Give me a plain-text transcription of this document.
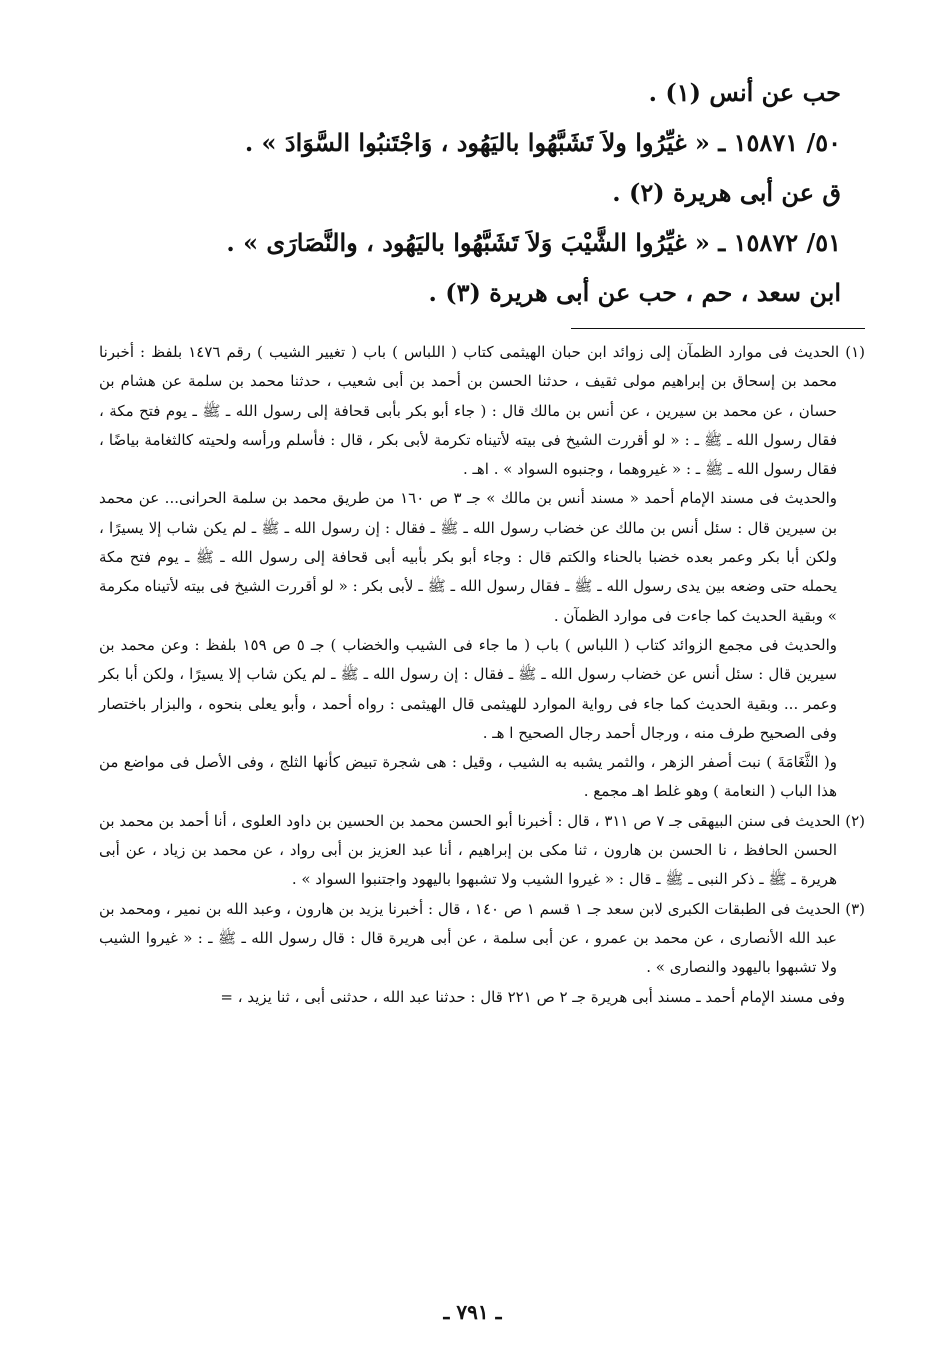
حب عن أنس (١) .
٥٠/ ١٥٨٧١ ـ « غيِّرُوا ولاَ تَشَبَّهُوا باليَهُود ، وَاجْتَنبُوا السَّوَادَ » .
ق عن أبى هريرة (٢) .
٥١/ ١٥٨٧٢ ـ « غيِّرُوا الشَّيْبَ وَلاَ تَشَبَّهُوا باليَهُود ، والنَّصَارَى » .
ابن سعد ، حم ، حب عن أبى هريرة (٣) .

(١) الحديث فى موارد الظمآن إلى زوائد ابن حبان الهيثمى كتاب ( اللباس ) باب ( تغيير الشيب ) رقم ١٤٧٦ بلفظ : أخبرنا محمد بن إسحاق بن إبراهيم مولى ثقيف ، حدثنا الحسن بن أحمد بن أبى شعيب ، حدثنا محمد بن سلمة عن هشام بن حسان ، عن محمد بن سيرين ، عن أنس بن مالك قال : ( جاء أبو بكر بأبى قحافة إلى رسول الله ـ ﷺ ـ يوم فتح مكة ، فقال رسول الله ـ ﷺ ـ : « لو أقررت الشيخ فى بيته لأتيناه تكرمة لأبى بكر ، قال : فأسلم ورأسه ولحيته كالثغامة بياضًا ، فقال رسول الله ـ ﷺ ـ : « غيروهما ، وجنبوه السواد » . اهـ .

والحديث فى مسند الإمام أحمد « مسند أنس بن مالك » جـ ٣ ص ١٦٠ من طريق محمد بن سلمة الحرانى... عن محمد بن سيرين قال : سئل أنس بن مالك عن خضاب رسول الله ـ ﷺ ـ فقال : إن رسول الله ـ ﷺ ـ لم يكن شاب إلا يسيرًا ، ولكن أبا بكر وعمر بعده خضبا بالحناء والكتم قال : وجاء أبو بكر بأبيه أبى قحافة إلى رسول الله ـ ﷺ ـ يوم فتح مكة يحمله حتى وضعه بين يدى رسول الله ـ ﷺ ـ فقال رسول الله ـ ﷺ ـ لأبى بكر : « لو أقررت الشيخ فى بيته لأتيناه مكرمة » وبقية الحديث كما جاءت فى موارد الظمآن .

والحديث فى مجمع الزوائد كتاب ( اللباس ) باب ( ما جاء فى الشيب والخضاب ) جـ ٥ ص ١٥٩ بلفظ : وعن محمد بن سيرين قال : سئل أنس عن خضاب رسول الله ـ ﷺ ـ فقال : إن رسول الله ـ ﷺ ـ لم يكن شاب إلا يسيرًا ، ولكن أبا بكر وعمر ... وبقية الحديث كما جاء فى رواية الموارد للهيثمى قال الهيثمى : رواه أحمد ، وأبو يعلى بنحوه ، والبزار باختصار وفى الصحيح طرف منه ، ورجال أحمد رجال الصحيح ا هـ .

و( الثَّغَامَةَ ) نبت أصفر الزهر ، والثمر يشبه به الشيب ، وقيل : هى شجرة تبيض كأنها الثلج ، وفى الأصل فى مواضع من هذا الباب ( النعامة ) وهو غلط اهـ مجمع .

(٢) الحديث فى سنن البيهقى جـ ٧ ص ٣١١ ، قال : أخبرنا أبو الحسن محمد بن الحسين بن داود العلوى ، أنا أحمد بن محمد بن الحسن الحافظ ، نا الحسن بن هارون ، ثنا مكى بن إبراهيم ، أنا عبد العزيز بن أبى رواد ، عن محمد بن زياد ، عن أبى هريرة ـ ﷺ ـ ذكر النبى ـ ﷺ ـ قال : « غيروا الشيب ولا تشبهوا باليهود واجتنبوا السواد » .

(٣) الحديث فى الطبقات الكبرى لابن سعد جـ ١ قسم ١ ص ١٤٠ ، قال : أخبرنا يزيد بن هارون ، وعبد الله بن نمير ، ومحمد بن عبد الله الأنصارى ، عن محمد بن عمرو ، عن أبى سلمة ، عن أبى هريرة قال : قال رسول الله ـ ﷺ ـ : « غيروا الشيب ولا تشبهوا باليهود والنصارى » .

وفى مسند الإمام أحمد ـ مسند أبى هريرة جـ ٢ ص ٢٢١ قال : حدثنا عبد الله ، حدثنى أبى ، ثنا يزيد ، =

ـ ٧٩١ ـ
